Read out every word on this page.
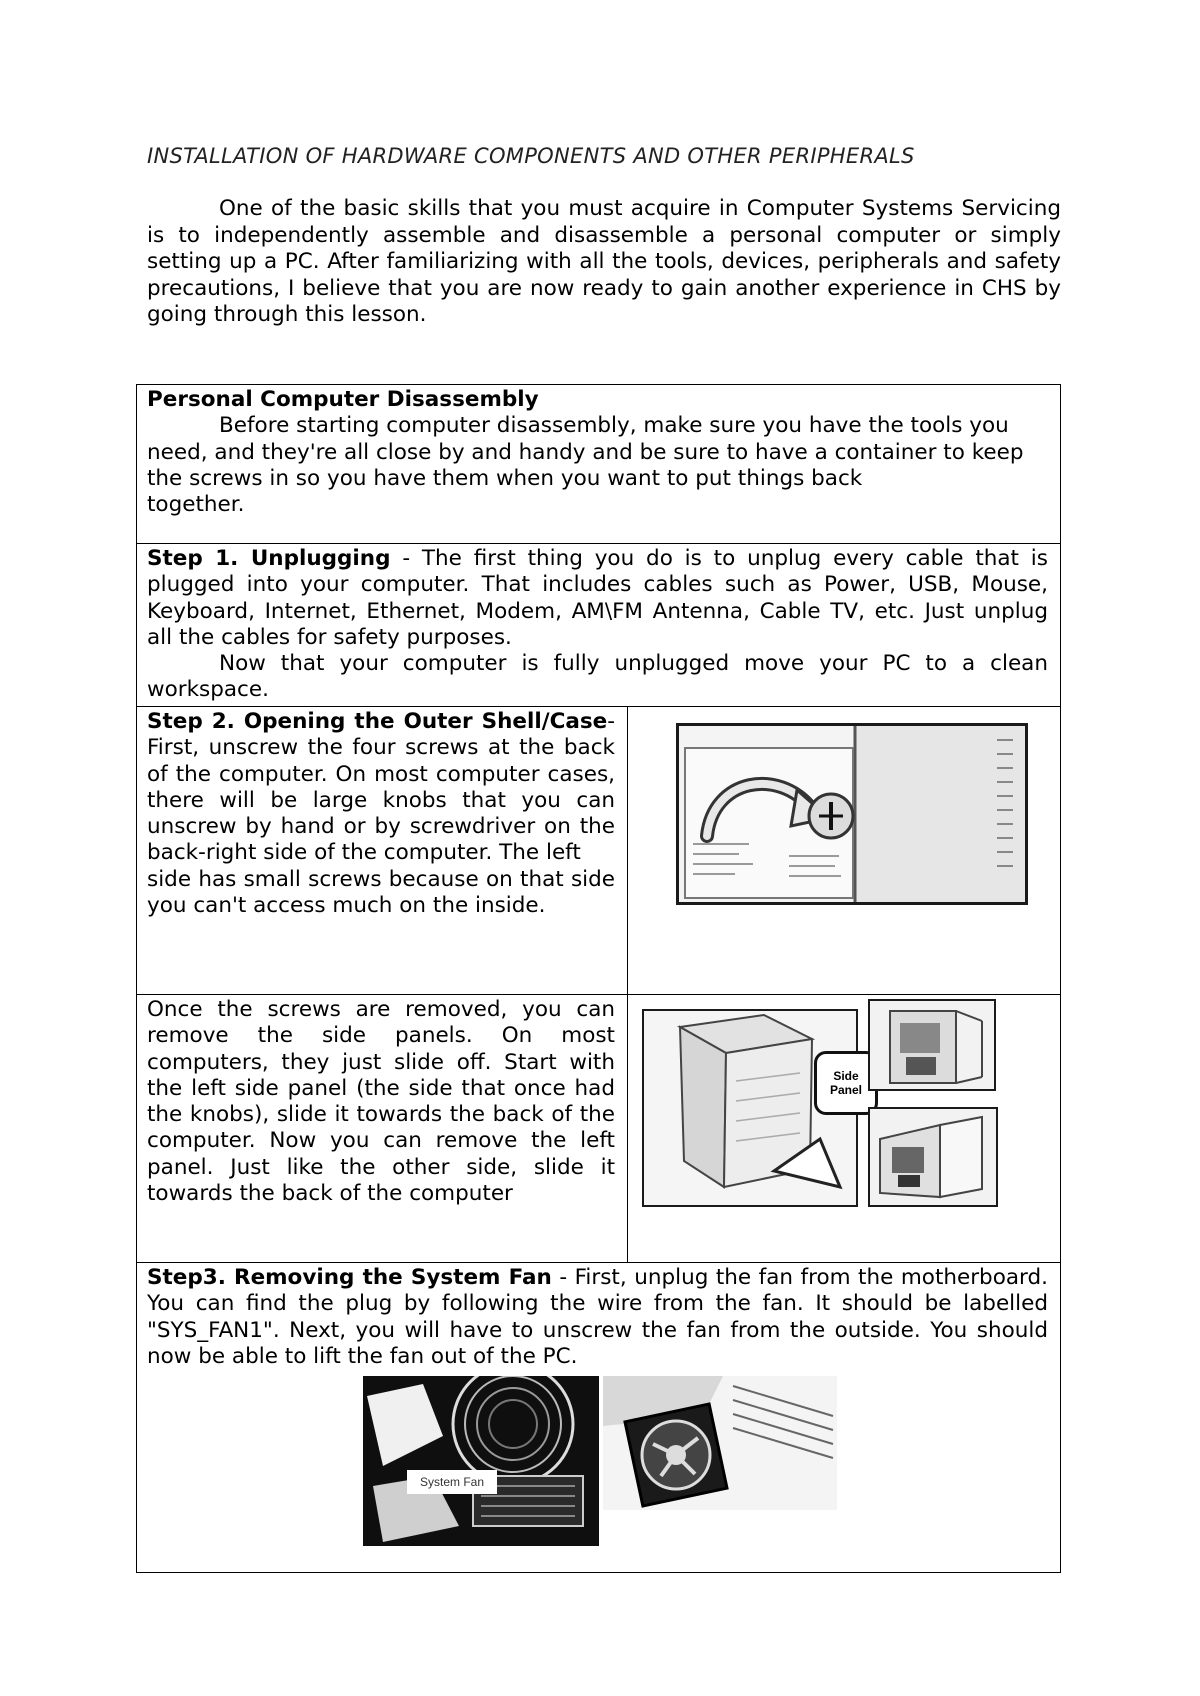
INSTALLATION OF HARDWARE COMPONENTS AND OTHER PERIPHERALS
One of the basic skills that you must acquire in Computer Systems Servicing is to independently assemble and disassemble a personal computer or simply setting up a PC. After familiarizing with all the tools, devices, peripherals and safety precautions, I believe that you are now ready to gain another experience in CHS by going through this lesson.
Personal Computer Disassembly
Before starting computer disassembly, make sure you have the tools you need, and they're all close by and handy and be sure to have a container to keep the screws in so you have them when you want to put things back
together.	

Step 1. Unplugging - The first thing you do is to unplug every cable that is plugged into your computer. That includes cables such as Power, USB, Mouse, Keyboard, Internet, Ethernet, Modem, AM\FM Antenna, Cable TV, etc. Just unplug all the cables for safety purposes.
Now that your computer is fully unplugged move your PC to a clean workspace.	

Step 2. Opening the Outer Shell/Case- First, unscrew the four screws at the back of the computer. On most computer cases, there will be large knobs that you can unscrew by hand or by screwdriver on the back-right side of the computer. The left
side has small screws because on that side you can't access much on the inside.

Once the screws are removed, you can remove the side panels. On most computers, they just slide off. Start with the left side panel (the side that once had the knobs), slide it towards the back of the computer. Now you can remove the left panel. Just like the other side, slide it towards the back of the computer	Side Panel

Step3. Removing the System Fan - First, unplug the fan from the motherboard. You can find the plug by following the wire from the fan. It should be labelled "SYS_FAN1". Next, you will have to unscrew the fan from the outside. You should now be able to lift the fan out of the PC.
System Fan	
